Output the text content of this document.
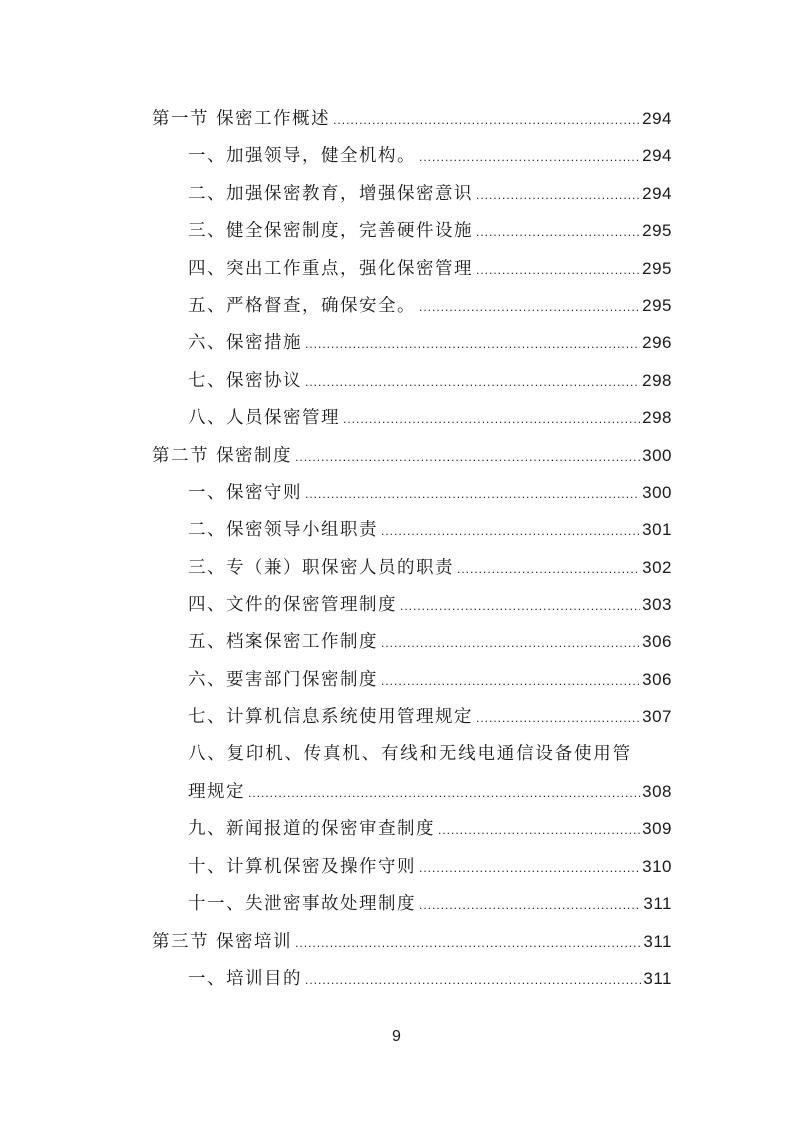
第一节 保密工作概述 .....	294
一、加强领导，健全机构。 .....	294
二、加强保密教育，增强保密意识 .....	294
三、健全保密制度，完善硬件设施 .....	295
四、突出工作重点，强化保密管理 .....	295
五、严格督查，确保安全。 .....	295
六、保密措施 .....	296
七、保密协议 .....	298
八、人员保密管理 .....	298
第二节 保密制度 .....	300
一、保密守则 .....	300
二、保密领导小组职责 .....	301
三、专（兼）职保密人员的职责 .....	302
四、文件的保密管理制度 .....	303
五、档案保密工作制度 .....	306
六、要害部门保密制度 .....	306
七、计算机信息系统使用管理规定 .....	307
八、复印机、传真机、有线和无线电通信设备使用管
理规定 .....	308
九、新闻报道的保密审查制度 .....	309
十、计算机保密及操作守则 .....	310
十一、失泄密事故处理制度 .....	311
第三节 保密培训 .....	311
一、培训目的 .....	311
9
